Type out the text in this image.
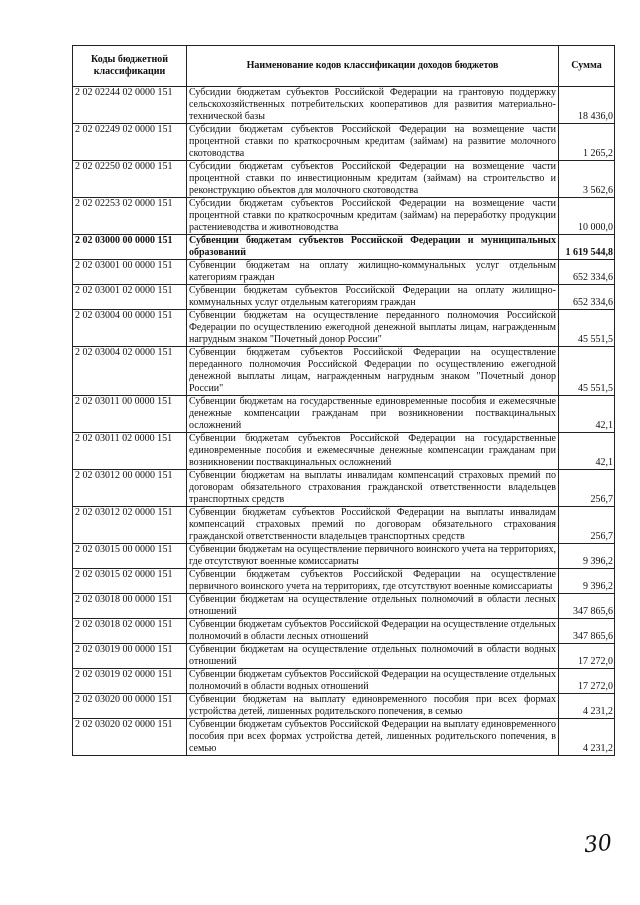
Коды бюджетной классификации	Наименование кодов классификации доходов бюджетов	Сумма
2 02 02244 02 0000 151	Субсидии бюджетам субъектов Российской Федерации на грантовую поддержку сельскохозяйственных потребительских кооперативов для развития материально-технической базы	18 436,0
2 02 02249 02 0000 151	Субсидии бюджетам субъектов Российской Федерации на возмещение части процентной ставки по краткосрочным кредитам (займам) на развитие молочного скотоводства	1 265,2
2 02 02250 02 0000 151	Субсидии бюджетам субъектов Российской Федерации на возмещение части процентной ставки по инвестиционным кредитам (займам) на строительство и реконструкцию объектов для молочного скотоводства	3 562,6
2 02 02253 02 0000 151	Субсидии бюджетам субъектов Российской Федерации на возмещение части процентной ставки по краткосрочным кредитам (займам) на переработку продукции растениеводства и животноводства	10 000,0
2 02 03000 00 0000 151	Субвенции бюджетам субъектов Российской Федерации и муниципальных образований	1 619 544,8
2 02 03001 00 0000 151	Субвенции бюджетам на оплату жилищно-коммунальных услуг отдельным категориям граждан	652 334,6
2 02 03001 02 0000 151	Субвенции бюджетам субъектов Российской Федерации на оплату жилищно-коммунальных услуг отдельным категориям граждан	652 334,6
2 02 03004 00 0000 151	Субвенции бюджетам на осуществление переданного полномочия Российской Федерации по осуществлению ежегодной денежной выплаты лицам, награжденным нагрудным знаком "Почетный донор России"	45 551,5
2 02 03004 02 0000 151	Субвенции бюджетам субъектов Российской Федерации на осуществление переданного полномочия Российской Федерации по осуществлению ежегодной денежной выплаты лицам, награжденным нагрудным знаком "Почетный донор России"	45 551,5
2 02 03011 00 0000 151	Субвенции бюджетам на государственные единовременные пособия и ежемесячные денежные компенсации гражданам при возникновении поствакцинальных осложнений	42,1
2 02 03011 02 0000 151	Субвенции бюджетам субъектов Российской Федерации на государственные единовременные пособия и ежемесячные денежные компенсации гражданам при возникновении поствакцинальных осложнений	42,1
2 02 03012 00 0000 151	Субвенции бюджетам на выплаты инвалидам компенсаций страховых премий по договорам обязательного страхования гражданской ответственности владельцев транспортных средств	256,7
2 02 03012 02 0000 151	Субвенции бюджетам субъектов Российской Федерации на выплаты инвалидам компенсаций страховых премий по договорам обязательного страхования гражданской ответственности владельцев транспортных средств	256,7
2 02 03015 00 0000 151	Субвенции бюджетам на осуществление первичного воинского учета на территориях, где отсутствуют военные комиссариаты	9 396,2
2 02 03015 02 0000 151	Субвенции бюджетам субъектов Российской Федерации на осуществление первичного воинского учета на территориях, где отсутствуют военные комиссариаты	9 396,2
2 02 03018 00 0000 151	Субвенции бюджетам на осуществление отдельных полномочий в области лесных отношений	347 865,6
2 02 03018 02 0000 151	Субвенции бюджетам субъектов Российской Федерации на осуществление отдельных полномочий в области лесных отношений	347 865,6
2 02 03019 00 0000 151	Субвенции бюджетам на осуществление отдельных полномочий в области водных отношений	17 272,0
2 02 03019 02 0000 151	Субвенции бюджетам субъектов Российской Федерации на осуществление отдельных полномочий в области водных отношений	17 272,0
2 02 03020 00 0000 151	Субвенции бюджетам на выплату единовременного пособия при всех формах устройства детей, лишенных родительского попечения, в семью	4 231,2
2 02 03020 02 0000 151	Субвенции бюджетам субъектов Российской Федерации на выплату единовременного пособия при всех формах устройства детей, лишенных родительского попечения, в семью	4 231,2
30
